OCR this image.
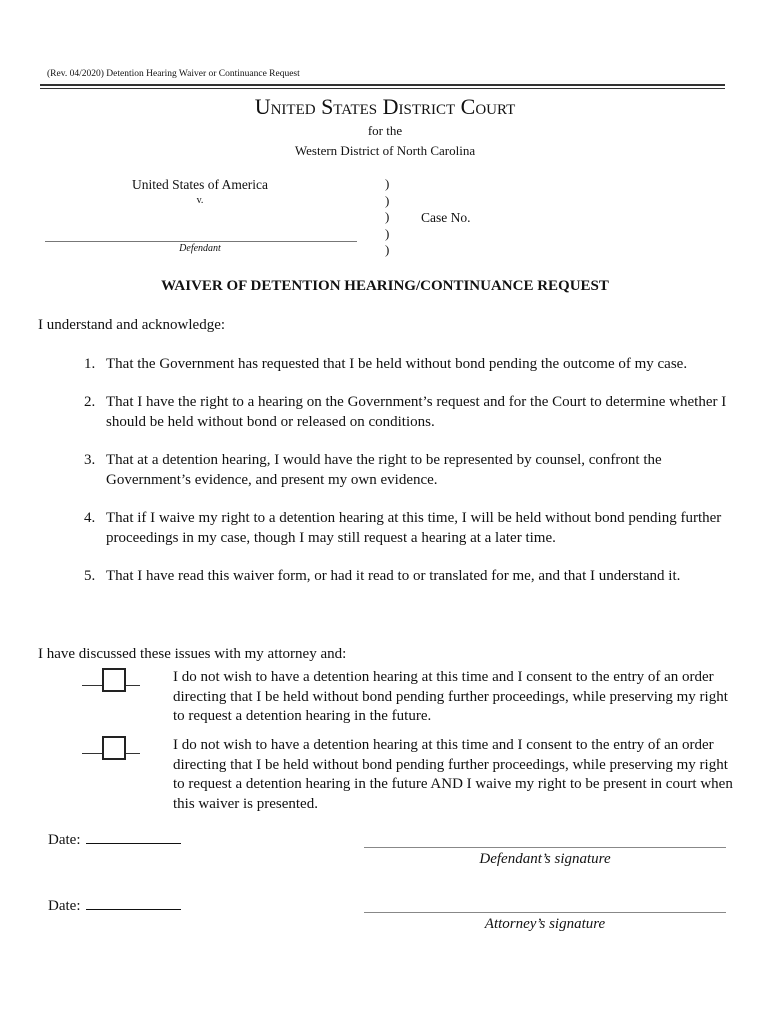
(Rev. 04/2020) Detention Hearing Waiver or Continuance Request
United States District Court
for the
Western District of North Carolina
United States of America
v.
Defendant
)
)
)
)
)
Case No.
WAIVER OF DETENTION HEARING/CONTINUANCE REQUEST
I understand and acknowledge:
1. That the Government has requested that I be held without bond pending the outcome of my case.
2. That I have the right to a hearing on the Government’s request and for the Court to determine whether I should be held without bond or released on conditions.
3. That at a detention hearing, I would have the right to be represented by counsel, confront the Government’s evidence, and present my own evidence.
4. That if I waive my right to a detention hearing at this time, I will be held without bond pending further proceedings in my case, though I may still request a hearing at a later time.
5. That I have read this waiver form, or had it read to or translated for me, and that I understand it.
I have discussed these issues with my attorney and:
I do not wish to have a detention hearing at this time and I consent to the entry of an order directing that I be held without bond pending further proceedings, while preserving my right to request a detention hearing in the future.
I do not wish to have a detention hearing at this time and I consent to the entry of an order directing that I be held without bond pending further proceedings, while preserving my right to request a detention hearing in the future AND I waive my right to be present in court when this waiver is presented.
Date:
Defendant’s signature
Date:
Attorney’s signature
